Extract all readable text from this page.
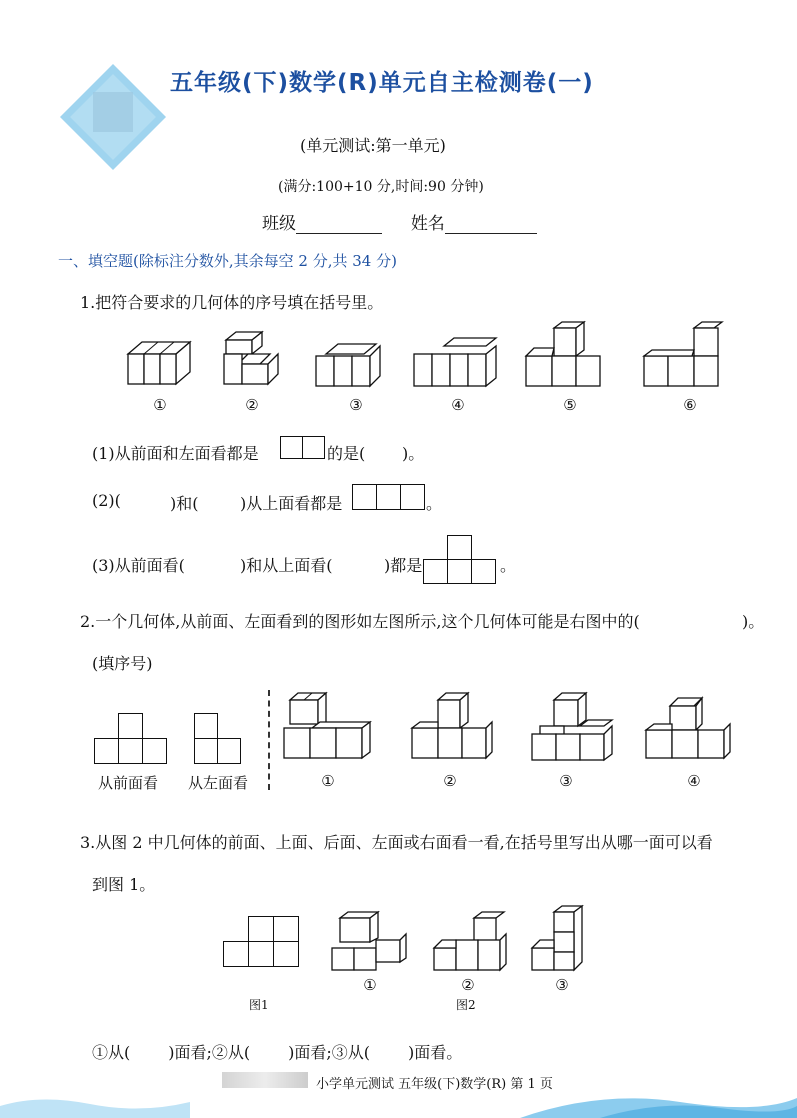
五年级(下)数学(R)单元自主检测卷(一)
(单元测试:第一单元)
(满分:100+10 分,时间:90 分钟)
班级	姓名
一、填空题(除标注分数外,其余每空 2 分,共 34 分)
1.把符合要求的几何体的序号填在括号里。
①	②	③	④	⑤	⑥
(1)从前面和左面看都是	的是( )。
(2)(	)和(	)从上面看都是	。
(3)从前面看(	)和从上面看(	)都是	。
2.一个几何体,从前面、左面看到的图形如左图所示,这个几何体可能是右图中的(	)。
(填序号)
从前面看 从左面看	①	②	③	④
3.从图 2 中几何体的前面、上面、后面、左面或右面看一看,在括号里写出从哪一面可以看
到图 1。
图1
①	②
图2
③
①从( )面看;②从( )面看;③从( )面看。
小学单元测试 五年级(下)数学(R) 第 1 页
